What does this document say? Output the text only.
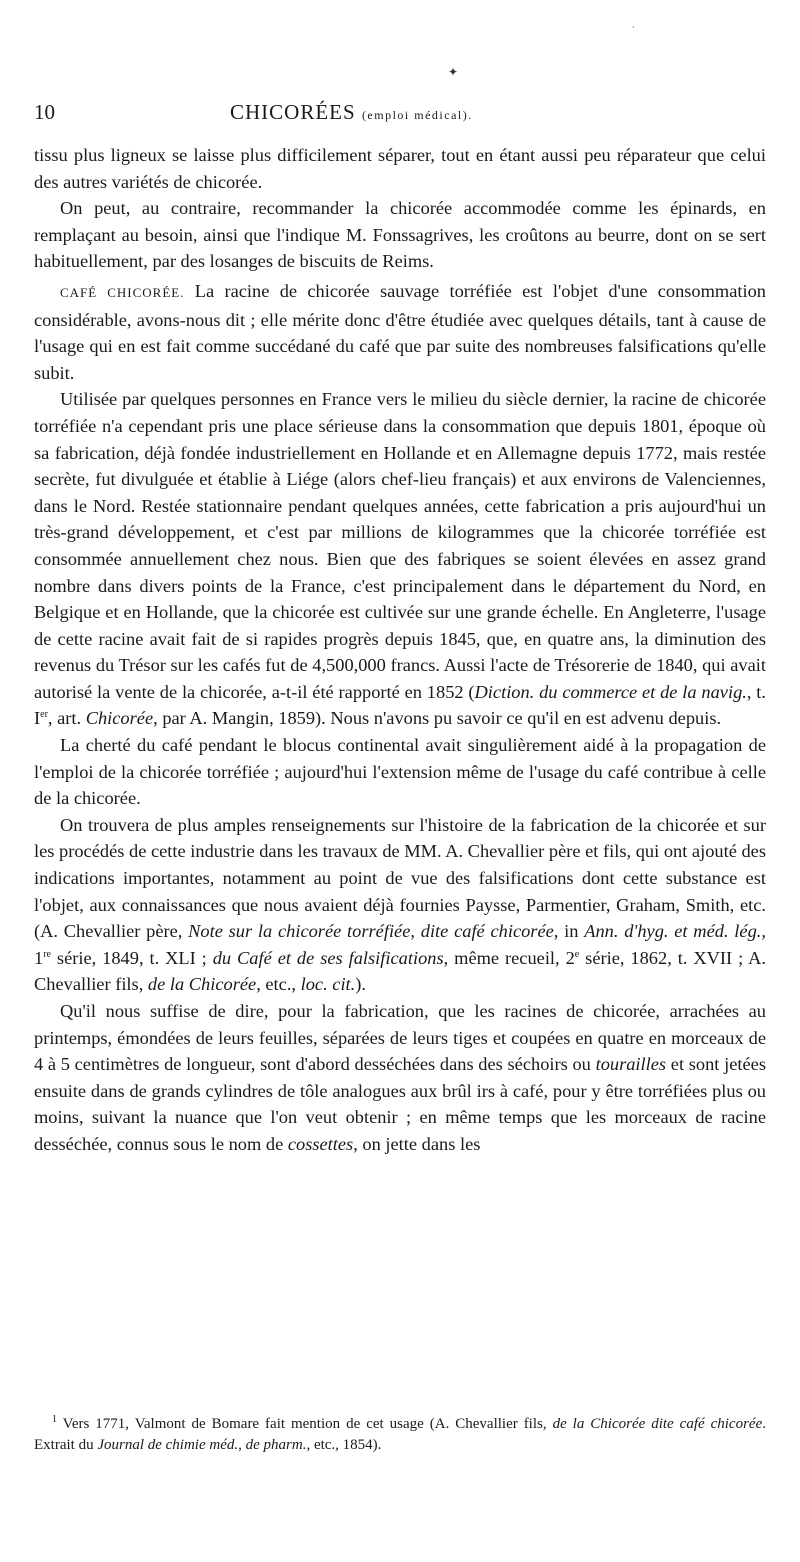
✦
·
10	CHICORÉES (emploi médical).

tissu plus ligneux se laisse plus difficilement séparer, tout en étant aussi peu réparateur que celui des autres variétés de chicorée.

On peut, au contraire, recommander la chicorée accommodée comme les épinards, en remplaçant au besoin, ainsi que l'indique M. Fonssagrives, les croûtons au beurre, dont on se sert habituellement, par des losanges de biscuits de Reims.

CAFÉ CHICORÉE. La racine de chicorée sauvage torréfiée est l'objet d'une consommation considérable, avons-nous dit ; elle mérite donc d'être étudiée avec quelques détails, tant à cause de l'usage qui en est fait comme succédané du café que par suite des nombreuses falsifications qu'elle subit.

Utilisée par quelques personnes en France vers le milieu du siècle dernier, la racine de chicorée torréfiée n'a cependant pris une place sérieuse dans la consommation que depuis 1801, époque où sa fabrication, déjà fondée industriellement en Hollande et en Allemagne depuis 1772, mais restée secrète, fut divulguée et établie à Liége (alors chef-lieu français) et aux environs de Valenciennes, dans le Nord. Restée stationnaire pendant quelques années, cette fabrication a pris aujourd'hui un très-grand développement, et c'est par millions de kilogrammes que la chicorée torréfiée est consommée annuellement chez nous. Bien que des fabriques se soient élevées en assez grand nombre dans divers points de la France, c'est principalement dans le département du Nord, en Belgique et en Hollande, que la chicorée est cultivée sur une grande échelle. En Angleterre, l'usage de cette racine avait fait de si rapides progrès depuis 1845, que, en quatre ans, la diminution des revenus du Trésor sur les cafés fut de 4,500,000 francs. Aussi l'acte de Trésorerie de 1840, qui avait autorisé la vente de la chicorée, a-t-il été rapporté en 1852 (Diction. du commerce et de la navig., t. Ier, art. Chicorée, par A. Mangin, 1859). Nous n'avons pu savoir ce qu'il en est advenu depuis.

La cherté du café pendant le blocus continental avait singulièrement aidé à la propagation de l'emploi de la chicorée torréfiée ; aujourd'hui l'extension même de l'usage du café contribue à celle de la chicorée.

On trouvera de plus amples renseignements sur l'histoire de la fabrication de la chicorée et sur les procédés de cette industrie dans les travaux de MM. A. Chevallier père et fils, qui ont ajouté des indications importantes, notamment au point de vue des falsifications dont cette substance est l'objet, aux connaissances que nous avaient déjà fournies Paysse, Parmentier, Graham, Smith, etc. (A. Chevallier père, Note sur la chicorée torréfiée, dite café chicorée, in Ann. d'hyg. et méd. lég., 1re série, 1849, t. XLI ; du Café et de ses falsifications, même recueil, 2e série, 1862, t. XVII ; A. Chevallier fils, de la Chicorée, etc., loc. cit.).

Qu'il nous suffise de dire, pour la fabrication, que les racines de chicorée, arrachées au printemps, émondées de leurs feuilles, séparées de leurs tiges et coupées en quatre en morceaux de 4 à 5 centimètres de longueur, sont d'abord desséchées dans des séchoirs ou tourailles et sont jetées ensuite dans de grands cylindres de tôle analogues aux brûl irs à café, pour y être torréfiées plus ou moins, suivant la nuance que l'on veut obtenir ; en même temps que les morceaux de racine desséchée, connus sous le nom de cossettes, on jette dans les

$^1$ Vers 1771, Valmont de Bomare fait mention de cet usage (A. Chevallier fils, de la Chicorée dite café chicorée. Extrait du Journal de chimie méd., de pharm., etc., 1854).
